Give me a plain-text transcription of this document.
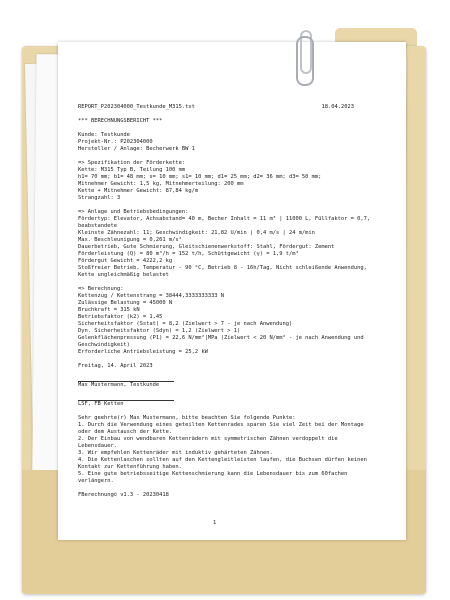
REPORT_P202304000_Testkunde_M315.txt	18.04.2023
*** BERECHNUNGSBERICHT ***
Kunde: Testkunde
Projekt-Nr.: P202304000
Hersteller / Anlage: Becherwerk BW 1
=> Spezifikation der Förderkette:
Kette: M315 Typ B, Teilung 100 mm
h1= 70 mm; b1= 48 mm; s= 10 mm; s1= 10 mm; d1= 25 mm; d2= 36 mm; d3= 50 mm;
Mitnehmer Gewicht: 1,5 kg, Mitnehmerteilung: 200 mm
Kette + Mitnehmer Gewicht: 87,84 kg/m
Strangzahl: 3
=> Anlage und Betriebsbedingungen:
Fördertyp: Elevator, Achsabstand= 40 m, Becher Inhalt = 11 m³ | 11000 L, Füllfaktor = 0,7, beabstandete
Kleinste Zähnezahl: 11; Geschwindigkeit: 21,82 U/min | 0,4 m/s | 24 m/min
Max. Beschleunigung = 0,261 m/s²
Dauerbetrieb, Gute Schmierung, Gleitschienenwerkstoff: Stahl, Fördergut: Zement
Förderleistung (Q) = 80 m³/h = 152 t/h, Schüttgewicht (γ) = 1,9 t/m³
Fördergut Gewicht = 4222,2 kg
Stoßfreier Betrieb, Temperatur - 90 °C, Betrieb 8 - 16h/Tag, Nicht schleißende Anwendung, Kette ungleichmäßig belastet
=> Berechnung:
Kettenzug / Kettenstrang = 38444,3333333333 N
Zulässige Belastung = 45000 N
Bruchkraft = 315 kN
Betriebsfaktor (k2) = 1,45
Sicherheitsfaktor (Sstat) = 8,2 (Zielwert > 7 - je nach Anwendung)
Dyn. Sicherheitsfaktor (Sdyn) = 1,2 (Zielwert > 1)
Gelenkflächenpressung (P1) = 22,6 N/mm²|MPa (Zielwert < 20 N/mm² - je nach Anwendung und Geschwindigkeit)
Erforderliche Antriebsleistung = 25,2 kW
Freitag, 14. April 2023
Max Mustermann, Testkunde
LSF, FB Ketten
Sehr geehrte(r) Max Mustermann, bitte beachten Sie folgende Punkte:
1. Durch die Verwendung eines geteilten Kettenrades sparen Sie viel Zeit bei der Montage oder dem Austausch der Kette.
2. Der Einbau von wendbaren Kettenrädern mit symmetrischen Zähnen verdoppelt die Lebensdauer.
3. Wir empfehlen Kettenräder mit induktiv gehärteten Zähnen.
4. Die Kettenlaschen sollten auf den Kettengleitleisten laufen, die Buchsen dürfen keinen Kontakt zur Kettenführung haben.
5. Eine gute betriebsseitige Kettenschmierung kann die Lebensdauer bis zum 60fachen verlängern.
FBerechnung© v1.3 - 20230418
1
